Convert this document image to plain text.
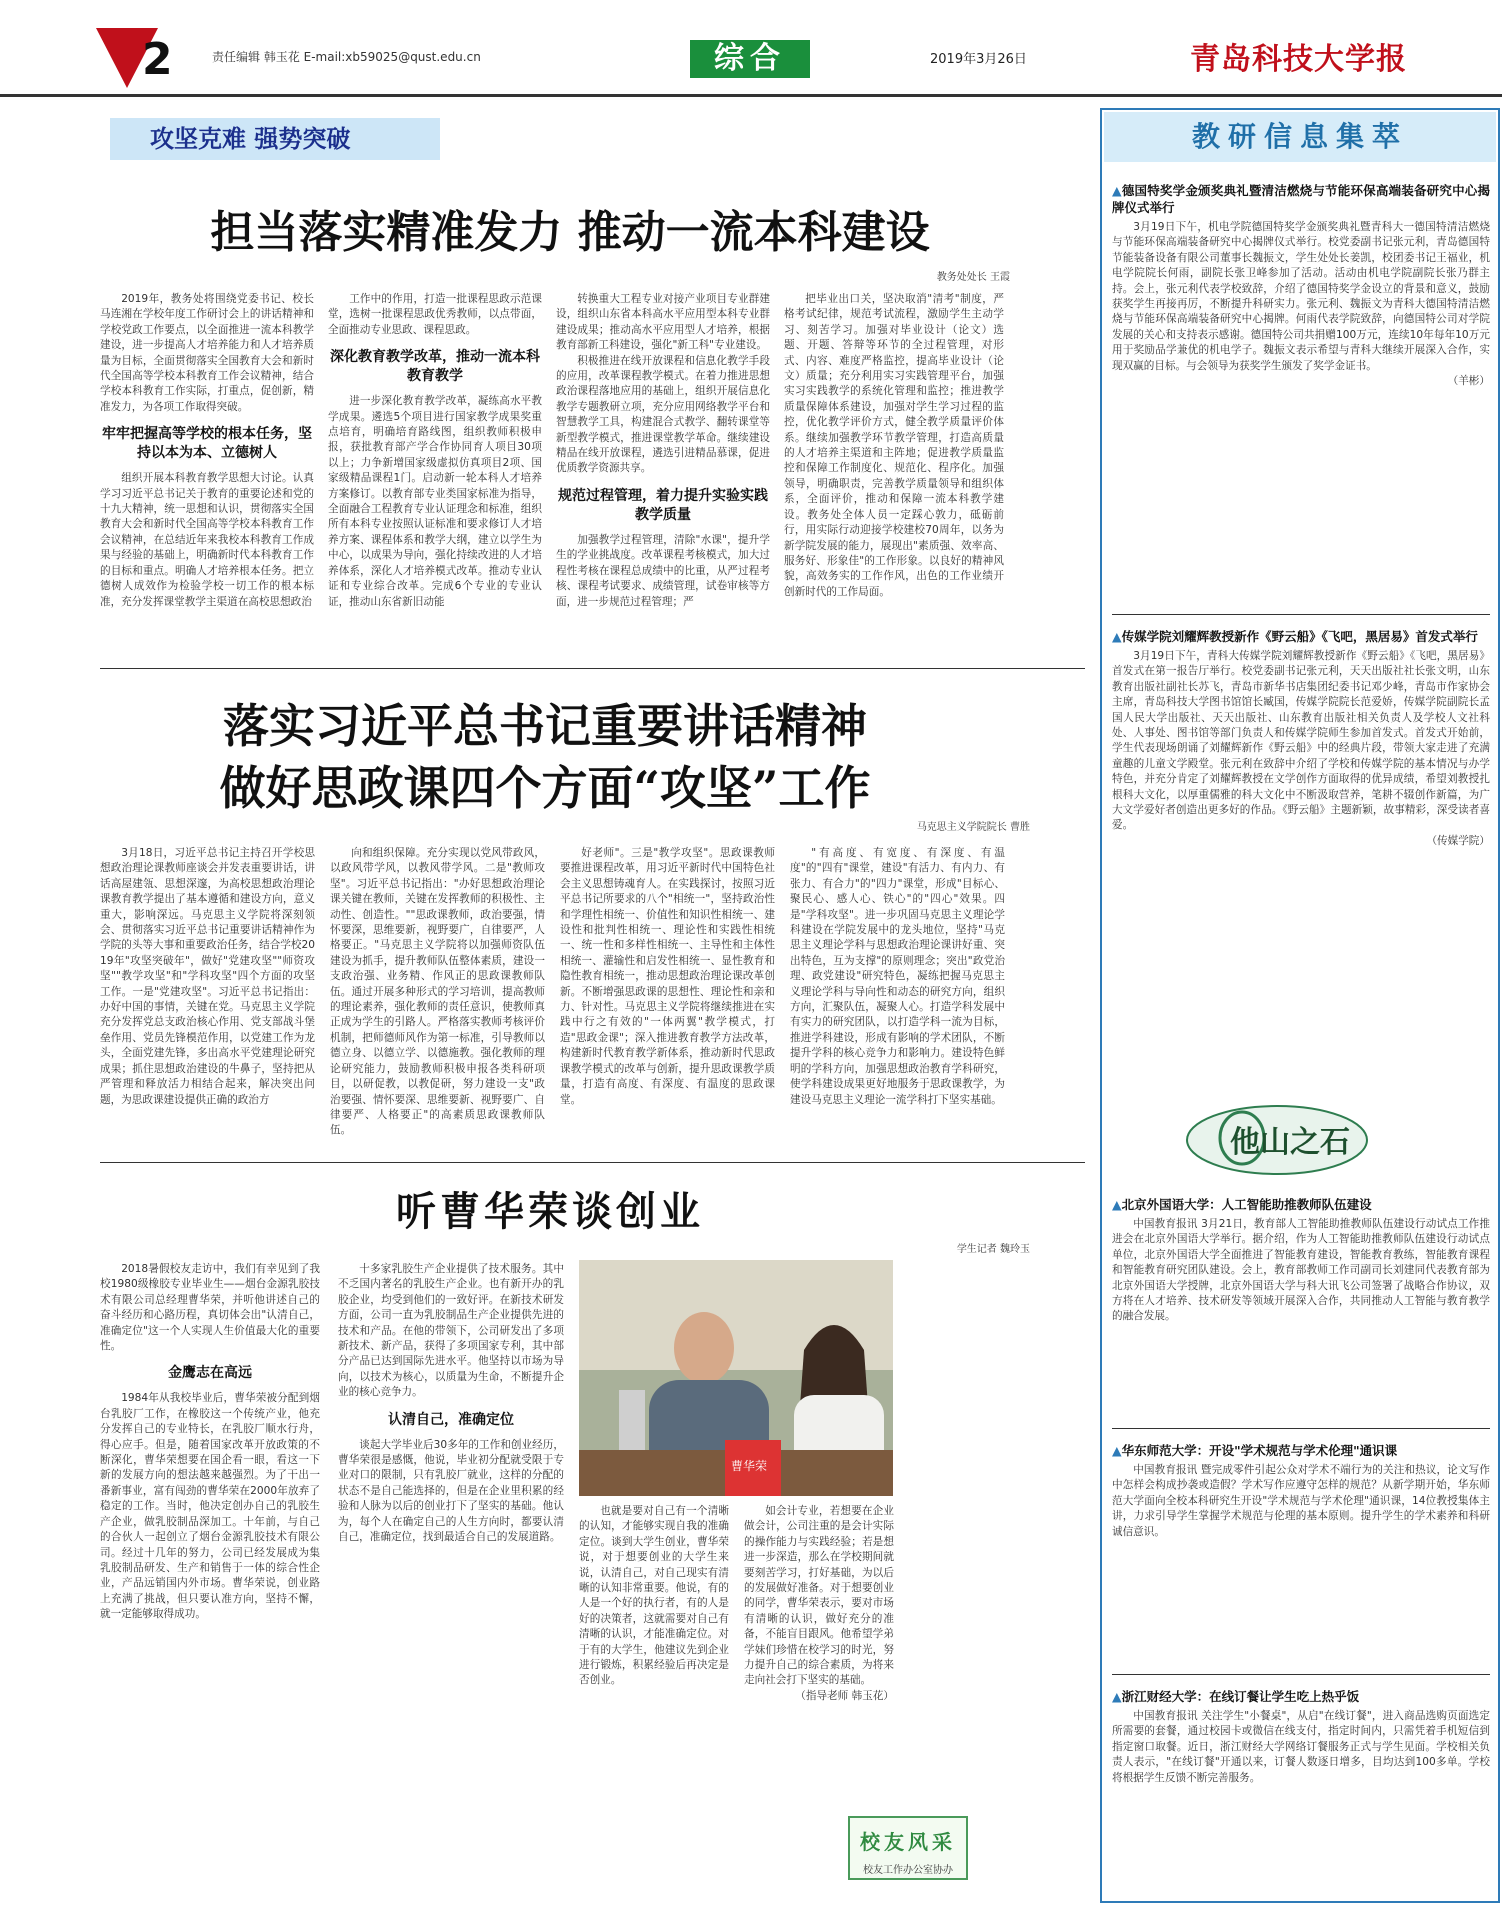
2	责任编辑 韩玉花 E-mail:xb59025@qust.edu.cn	综合	2019年3月26日	青岛科技大学报
攻坚克难 强势突破
担当落实精准发力 推动一流本科建设
教务处处长 王霞

2019年，教务处将围绕党委书记、校长马连湘在学校年度工作研讨会上的讲话精神和学校党政工作要点，以全面推进一流本科教学建设，进一步提高人才培养能力和人才培养质量为目标，全面贯彻落实全国教育大会和新时代全国高等学校本科教育工作会议精神，结合学校本科教育工作实际，打重点，促创新，精准发力，为各项工作取得突破。

牢牢把握高等学校的根本任务，坚持以本为本、立德树人

组织开展本科教育教学思想大讨论。认真学习习近平总书记关于教育的重要论述和党的十九大精神，统一思想和认识，贯彻落实全国教育大会和新时代全国高等学校本科教育工作会议精神，在总结近年来我校本科教育工作成果与经验的基础上，明确新时代本科教育工作的目标和重点。明确人才培养根本任务。把立德树人成效作为检验学校一切工作的根本标准，充分发挥课堂教学主渠道在高校思想政治

工作中的作用，打造一批课程思政示范课堂，选树一批课程思政优秀教师，以点带面，全面推动专业思政、课程思政。

深化教育教学改革，推动一流本科教育教学

进一步深化教育教学改革，凝练高水平教学成果。遴选5个项目进行国家教学成果奖重点培育，明确培育路线图，组织教师积极申报，获批教育部产学合作协同育人项目30项以上；力争新增国家级虚拟仿真项目2项、国家级精品课程1门。启动新一轮本科人才培养方案修订。以教育部专业类国家标准为指导，全面融合工程教育专业认证理念和标准，组织所有本科专业按照认证标准和要求修订人才培养方案、课程体系和教学大纲，建立以学生为中心，以成果为导向，强化持续改进的人才培养体系，深化人才培养模式改革。推动专业认证和专业综合改革。完成6个专业的专业认证，推动山东省新旧动能

转换重大工程专业对接产业项目专业群建设，组织山东省本科高水平应用型本科专业群建设成果；推动高水平应用型人才培养，根据教育部新工科建设，强化"新工科"专业建设。

积极推进在线开放课程和信息化教学手段的应用，改革课程教学模式。在着力推进思想政治课程落地应用的基础上，组织开展信息化教学专题教研立项，充分应用网络教学平台和智慧教学工具，构建混合式教学、翻转课堂等新型教学模式，推进课堂教学革命。继续建设精品在线开放课程，遴选引进精品慕课，促进优质教学资源共享。

规范过程管理，着力提升实验实践教学质量

加强教学过程管理，清除"水课"，提升学生的学业挑战度。改革课程考核模式，加大过程性考核在课程总成绩中的比重，从严过程考核、课程考试要求、成绩管理，试卷审核等方面，进一步规范过程管理；严

把毕业出口关，坚决取消"清考"制度，严格考试纪律，规范考试流程，激励学生主动学习、刻苦学习。加强对毕业设计（论文）选题、开题、答辩等环节的全过程管理，对形式、内容、难度严格监控，提高毕业设计（论文）质量；充分利用实习实践管理平台，加强实习实践教学的系统化管理和监控；推进教学质量保障体系建设，加强对学生学习过程的监控，优化教学评价方式，健全教学质量评价体系。继续加强教学环节教学管理，打造高质量的人才培养主渠道和主阵地；促进教学质量监控和保障工作制度化、规范化、程序化。加强领导，明确职责，完善教学质量领导和组织体系，全面评价，推动和保障一流本科教学建设。教务处全体人员一定踩心敦力，砥砺前行，用实际行动迎接学校建校70周年，以务为新学院发展的能力，展现出"素质强、效率高、服务好、形象佳"的工作形象。以良好的精神风貌，高效务实的工作作风，出色的工作业绩开创新时代的工作局面。

落实习近平总书记重要讲话精神
做好思政课四个方面“攻坚”工作
马克思主义学院院长 曹胜

3月18日，习近平总书记主持召开学校思想政治理论课教师座谈会并发表重要讲话，讲话高屋建瓴、思想深邃，为高校思想政治理论课教育教学提出了基本遵循和建设方向，意义重大，影响深远。马克思主义学院将深刻领会、贯彻落实习近平总书记重要讲话精神作为学院的头等大事和重要政治任务，结合学校2019年"攻坚突破年"，做好"党建攻坚""师资攻坚""教学攻坚"和"学科攻坚"四个方面的攻坚工作。一是"党建攻坚"。习近平总书记指出：办好中国的事情，关键在党。马克思主义学院充分发挥党总支政治核心作用、党支部战斗堡垒作用、党员先锋模范作用，以党建工作为龙头，全面党建先锋，多出高水平党建理论研究成果；抓住思想政治建设的牛鼻子，坚持把从严管理和释放活力相结合起来，解决突出问题，为思政课建设提供正确的政治方

向和组织保障。充分实现以党风带政风，以政风带学风，以教风带学风。二是"教师攻坚"。习近平总书记指出："办好思想政治理论课关键在教师，关键在发挥教师的积极性、主动性、创造性。""思政课教师，政治要强，情怀要深，思维要新，视野要广，自律要严，人格要正。"马克思主义学院将以加强师资队伍建设为抓手，提升教师队伍整体素质，建设一支政治强、业务精、作风正的思政课教师队伍。通过开展多种形式的学习培训，提高教师的理论素养，强化教师的责任意识，使教师真正成为学生的引路人。严格落实教师考核评价机制，把师德师风作为第一标准，引导教师以德立身、以德立学、以德施教。强化教师的理论研究能力，鼓励教师积极申报各类科研项目，以研促教，以教促研，努力建设一支"政治要强、情怀要深、思维要新、视野要广、自律要严、人格要正"的高素质思政课教师队伍。

好老师"。三是"教学攻坚"。思政课教师要推进课程改革，用习近平新时代中国特色社会主义思想铸魂育人。在实践探讨，按照习近平总书记所要求的八个"相统一"，坚持政治性和学理性相统一、价值性和知识性相统一、建设性和批判性相统一、理论性和实践性相统一、统一性和多样性相统一、主导性和主体性相统一、灌输性和启发性相统一、显性教育和隐性教育相统一，推动思想政治理论课改革创新。不断增强思政课的思想性、理论性和亲和力、针对性。马克思主义学院将继续推进在实践中行之有效的"一体两翼"教学模式，打造"思政金课"；深入推进教育教学方法改革，构建新时代教育教学新体系，推动新时代思政课教学模式的改革与创新，提升思政课教学质量，打造有高度、有深度、有温度的思政课堂。

"有高度、有宽度、有深度、有温度"的"四有"课堂，建设"有活力、有内力、有张力、有合力"的"四力"课堂，形成"目标心、聚民心、感人心、铁心"的"四心"效果。四是"学科攻坚"。进一步巩固马克思主义理论学科建设在学院发展中的龙头地位，坚持"马克思主义理论学科与思想政治理论课讲好重、突出特色，互为支撑"的原则理念；突出"政党治理、政党建设"研究特色，凝练把握马克思主义理论学科与导向性和动态的研究方向，组织方向，汇聚队伍，凝聚人心。打造学科发展中有实力的研究团队，以打造学科一流为目标，推进学科建设，形成有影响的学术团队，不断提升学科的核心竞争力和影响力。建设特色鲜明的学科方向，加强思想政治教育学科研究，使学科建设成果更好地服务于思政课教学，为建设马克思主义理论一流学科打下坚实基础。

听曹华荣谈创业
学生记者 魏玲玉

2018暑假校友走访中，我们有幸见到了我校1980级橡胶专业毕业生——烟台金源乳胶技术有限公司总经理曹华荣，并听他讲述自己的奋斗经历和心路历程，真切体会出"认清自己，准确定位"这一个人实现人生价值最大化的重要性。

金鹰志在高远

1984年从我校毕业后，曹华荣被分配到烟台乳胶厂工作，在橡胶这一个传统产业，他充分发挥自己的专业特长，在乳胶厂顺水行舟，得心应手。但是，随着国家改革开放政策的不断深化，曹华荣想要在国企看一眼，看这一下新的发展方向的想法越来越强烈。为了干出一番新事业，富有闯劲的曹华荣在2000年放弃了稳定的工作。当时，他决定创办自己的乳胶生产企业，做乳胶制品深加工。十年前，与自己的合伙人一起创立了烟台金源乳胶技术有限公司。经过十几年的努力，公司已经发展成为集乳胶制品研发、生产和销售于一体的综合性企业，产品远销国内外市场。曹华荣说，创业路上充满了挑战，但只要认准方向，坚持不懈，就一定能够取得成功。

十多家乳胶生产企业提供了技术服务。其中不乏国内著名的乳胶生产企业。也有新开办的乳胶企业，均受到他们的一致好评。在新技术研发方面，公司一直为乳胶制品生产企业提供先进的技术和产品。在他的带领下，公司研发出了多项新技术、新产品，获得了多项国家专利，其中部分产品已达到国际先进水平。他坚持以市场为导向，以技术为核心，以质量为生命，不断提升企业的核心竞争力。

认清自己，准确定位

谈起大学毕业后30多年的工作和创业经历，曹华荣很是感慨，他说，毕业初分配就受限于专业对口的限制，只有乳胶厂就业，这样的分配的状态不是自己能选择的，但是在企业里积累的经验和人脉为以后的创业打下了坚实的基础。他认为，每个人在确定自己的人生方向时，都要认清自己，准确定位，找到最适合自己的发展道路。

曹华荣

也就是要对自己有一个清晰的认知，才能够实现自我的准确定位。谈到大学生创业，曹华荣说，对于想要创业的大学生来说，认清自己，对自己现实有清晰的认知非常重要。他说，有的人是一个好的执行者，有的人是好的决策者，这就需要对自己有清晰的认识，才能准确定位。对于有的大学生，他建议先到企业进行锻炼，积累经验后再决定是否创业。

如会计专业，若想要在企业做会计，公司注重的是会计实际的操作能力与实践经验；若是想进一步深造，那么在学校期间就要刻苦学习，打好基础，为以后的发展做好准备。对于想要创业的同学，曹华荣表示，要对市场有清晰的认识，做好充分的准备，不能盲目跟风。他希望学弟学妹们珍惜在校学习的时光，努力提升自己的综合素质，为将来走向社会打下坚实的基础。

（指导老师 韩玉花）

校友风采
校友工作办公室协办
教研信息集萃
▲德国特奖学金颁奖典礼暨清洁燃烧与节能环保高端装备研究中心揭牌仪式举行

3月19日下午，机电学院德国特奖学金颁奖典礼暨青科大一德国特清洁燃烧与节能环保高端装备研究中心揭牌仪式举行。校党委副书记张元利，青岛德国特节能装备设备有限公司董事长魏振文，学生处处长姜凯，校团委书记王福业，机电学院院长何雨，副院长张卫峰参加了活动。活动由机电学院副院长张乃群主持。会上，张元利代表学校致辞，介绍了德国特奖学金设立的背景和意义，鼓励获奖学生再接再厉，不断提升科研实力。张元利、魏振文为青科大德国特清洁燃烧与节能环保高端装备研究中心揭牌。何雨代表学院致辞，向德国特公司对学院发展的关心和支持表示感谢。德国特公司共捐赠100万元，连续10年每年10万元用于奖励品学兼优的机电学子。魏振文表示希望与青科大继续开展深入合作，实现双赢的目标。与会领导为获奖学生颁发了奖学金证书。

（羊彬）

▲传媒学院刘耀辉教授新作《野云船》《飞吧，黑居易》首发式举行

3月19日下午，青科大传媒学院刘耀辉教授新作《野云船》《飞吧，黑居易》首发式在第一报告厅举行。校党委副书记张元利，天天出版社社长张文明，山东教育出版社副社长苏飞，青岛市新华书店集团纪委书记邓少峰，青岛市作家协会主席，青岛科技大学图书馆馆长臧国，传媒学院院长范爱娇，传媒学院副院长孟国人民大学出版社、天天出版社、山东教育出版社相关负责人及学校人文社科处、人事处、图书馆等部门负责人和传媒学院师生参加首发式。首发式开始前，学生代表现场朗诵了刘耀辉新作《野云船》中的经典片段，带领大家走进了充满童趣的儿童文学殿堂。张元利在致辞中介绍了学校和传媒学院的基本情况与办学特色，并充分肯定了刘耀辉教授在文学创作方面取得的优异成绩，希望刘教授扎根科大文化，以厚重儒雅的科大文化中不断汲取营养，笔耕不辍创作新篇，为广大文学爱好者创造出更多好的作品。《野云船》主题新颖，故事精彩，深受读者喜爱。

（传媒学院）

他山之石
▲北京外国语大学：人工智能助推教师队伍建设

中国教育报讯 3月21日，教育部人工智能助推教师队伍建设行动试点工作推进会在北京外国语大学举行。据介绍，作为人工智能助推教师队伍建设行动试点单位，北京外国语大学全面推进了智能教育建设，智能教育教练，智能教育课程和智能教育研究团队建设。会上，教育部教师工作司副司长刘建同代表教育部为北京外国语大学授牌，北京外国语大学与科大讯飞公司签署了战略合作协议，双方将在人才培养、技术研发等领域开展深入合作，共同推动人工智能与教育教学的融合发展。

▲华东师范大学：开设"学术规范与学术伦理"通识课

中国教育报讯 暨完成零件引起公众对学术不端行为的关注和热议，论文写作中怎样会构成抄袭或造假？学术写作应遵守怎样的规范？从新学期开始，华东师范大学面向全校本科研究生开设"学术规范与学术伦理"通识课，14位教授集体主讲，力求引导学生掌握学术规范与伦理的基本原则。提升学生的学术素养和科研诚信意识。

▲浙江财经大学：在线订餐让学生吃上热乎饭

中国教育报讯 关注学生"小餐桌"，从启"在线订餐"，进入商品选购页面选定所需要的套餐，通过校园卡或微信在线支付，指定时间内，只需凭着手机短信到指定窗口取餐。近日，浙江财经大学网络订餐服务正式与学生见面。学校相关负责人表示，"在线订餐"开通以来，订餐人数逐日增多，目均达到100多单。学校将根据学生反馈不断完善服务。
